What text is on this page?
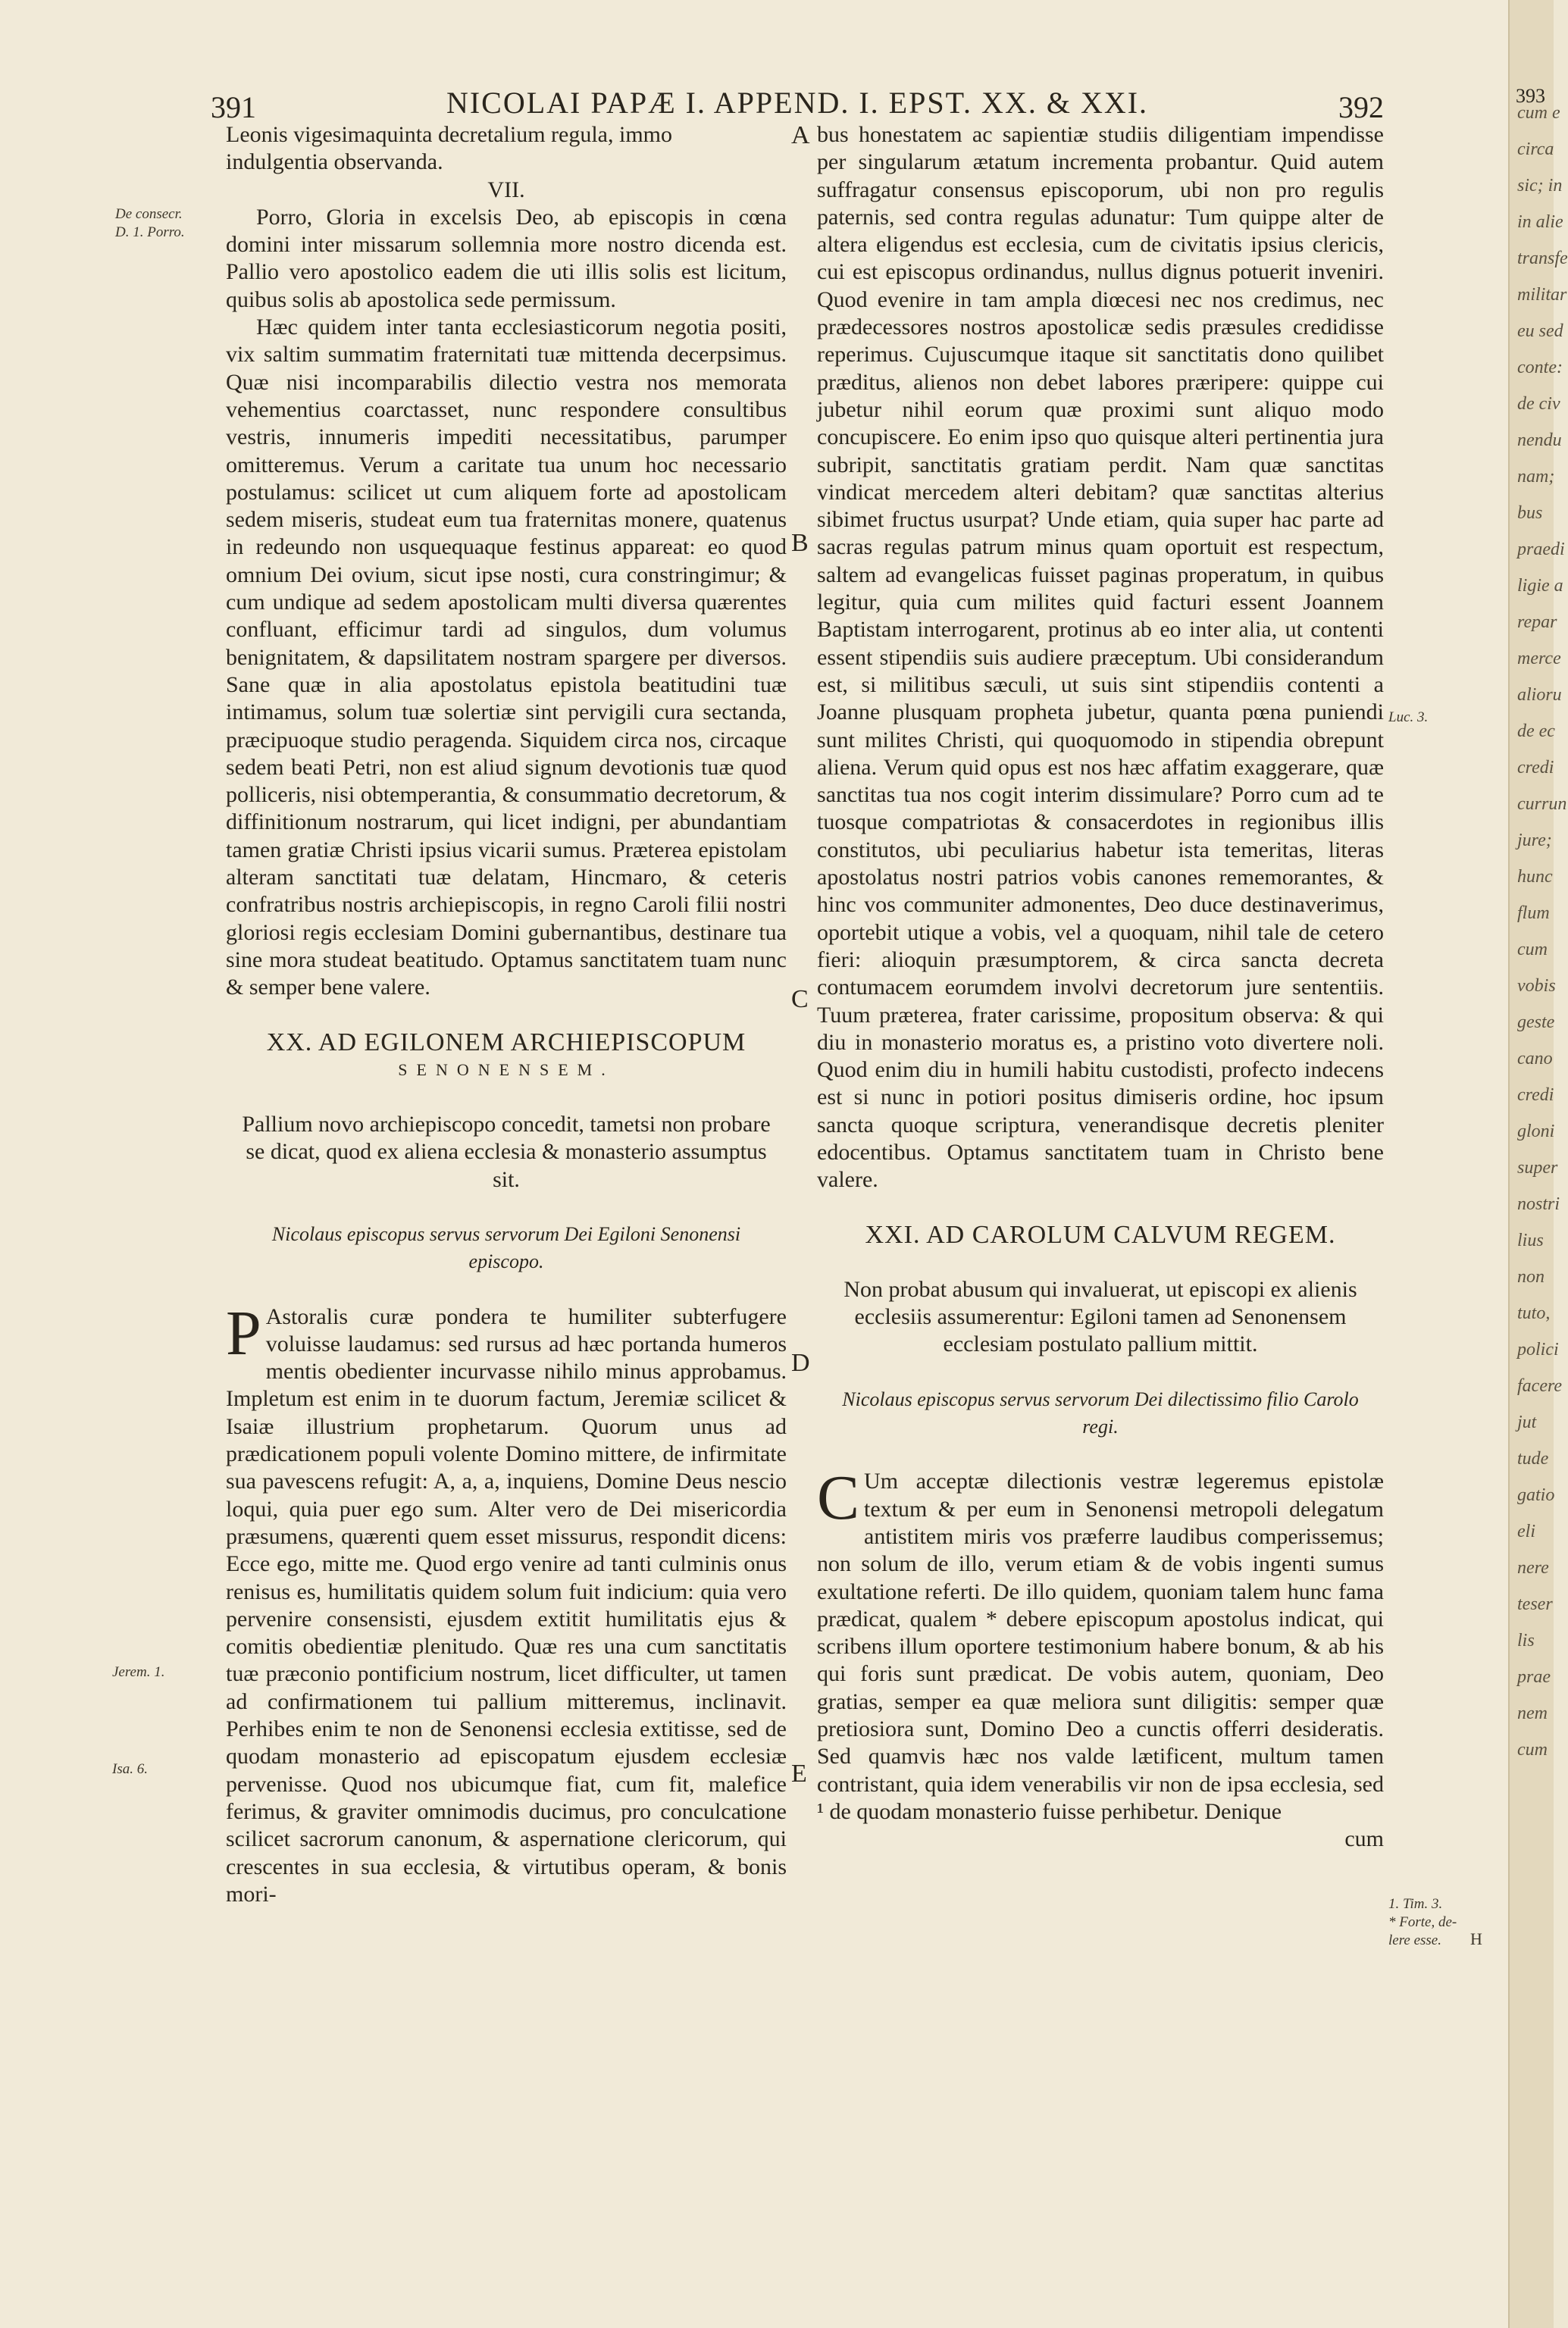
391	NICOLAI PAPÆ I. APPEND. I. EPST. XX. & XXI.	392

Leonis vigesimaquinta decretalium regula, immo

indulgentia observanda.

VII.

Porro, Gloria in excelsis Deo, ab episcopis in cœna domini inter missarum sollemnia more nostro dicenda est. Pallio vero apostolico eadem die uti illis solis est licitum, quibus solis ab apostolica sede permissum.

Hæc quidem inter tanta ecclesiasticorum negotia positi, vix saltim summatim fraternitati tuæ mittenda decerpsimus. Quæ nisi incomparabilis dilectio vestra nos memorata vehementius coarctasset, nunc respondere consultibus vestris, innumeris impediti necessitatibus, parumper omitteremus. Verum a caritate tua unum hoc necessario postulamus: scilicet ut cum aliquem forte ad apostolicam sedem miseris, studeat eum tua fraternitas monere, quatenus in redeundo non usquequaque festinus appareat: eo quod omnium Dei ovium, sicut ipse nosti, cura constringimur; & cum undique ad sedem apostolicam multi diversa quærentes confluant, efficimur tardi ad singulos, dum volumus benignitatem, & dapsilitatem nostram spargere per diversos. Sane quæ in alia apostolatus epistola beatitudini tuæ intimamus, solum tuæ solertiæ sint pervigili cura sectanda, præcipuoque studio peragenda. Siquidem circa nos, circaque sedem beati Petri, non est aliud signum devotionis tuæ quod polliceris, nisi obtemperantia, & consummatio decretorum, & diffinitionum nostrarum, qui licet indigni, per abundantiam tamen gratiæ Christi ipsius vicarii sumus. Præterea epistolam alteram sanctitati tuæ delatam, Hincmaro, & ceteris confratribus nostris archiepiscopis, in regno Caroli filii nostri gloriosi regis ecclesiam Domini gubernantibus, destinare tua sine mora studeat beatitudo. Optamus sanctitatem tuam nunc & semper bene valere.

XX. AD EGILONEM ARCHIEPISCOPUM

SENONENSEM.

Pallium novo archiepiscopo concedit, tametsi non probare se dicat, quod ex aliena ecclesia & monasterio assumptus sit.

Nicolaus episcopus servus servorum Dei Egiloni Senonensi episcopo.

P Astoralis curæ pondera te humiliter subterfugere voluisse laudamus: sed rursus ad hæc portanda humeros mentis obedienter incurvasse nihilo minus approbamus. Impletum est enim in te duorum factum, Jeremiæ scilicet & Isaiæ illustrium prophetarum. Quorum unus ad prædicationem populi volente Domino mittere, de infirmitate sua pavescens refugit: A, a, a, inquiens, Domine Deus nescio loqui, quia puer ego sum. Alter vero de Dei misericordia præsumens, quærenti quem esset missurus, respondit dicens: Ecce ego, mitte me. Quod ergo venire ad tanti culminis onus renisus es, humilitatis quidem solum fuit indicium: quia vero pervenire consensisti, ejusdem extitit humilitatis ejus & comitis obedientiæ plenitudo. Quæ res una cum sanctitatis tuæ præconio pontificium nostrum, licet difficulter, ut tamen ad confirmationem tui pallium mitteremus, inclinavit. Perhibes enim te non de Senonensi ecclesia extitisse, sed de quodam monasterio ad episcopatum ejusdem ecclesiæ pervenisse. Quod nos ubicumque fiat, cum fit, malefice ferimus, & graviter omnimodis ducimus, pro conculcatione scilicet sacrorum canonum, & aspernatione clericorum, qui crescentes in sua ecclesia, & virtutibus operam, & bonis mori-

bus honestatem ac sapientiæ studiis diligentiam impendisse per singularum ætatum incrementa probantur. Quid autem suffragatur consensus episcoporum, ubi non pro regulis paternis, sed contra regulas adunatur: Tum quippe alter de altera eligendus est ecclesia, cum de civitatis ipsius clericis, cui est episcopus ordinandus, nullus dignus potuerit inveniri. Quod evenire in tam ampla diœcesi nec nos credimus, nec prædecessores nostros apostolicæ sedis præsules credidisse reperimus. Cujuscumque itaque sit sanctitatis dono quilibet præditus, alienos non debet labores præripere: quippe cui jubetur nihil eorum quæ proximi sunt aliquo modo concupiscere. Eo enim ipso quo quisque alteri pertinentia jura subripit, sanctitatis gratiam perdit. Nam quæ sanctitas vindicat mercedem alteri debitam? quæ sanctitas alterius sibimet fructus usurpat? Unde etiam, quia super hac parte ad sacras regulas patrum minus quam oportuit est respectum, saltem ad evangelicas fuisset paginas properatum, in quibus legitur, quia cum milites quid facturi essent Joannem Baptistam interrogarent, protinus ab eo inter alia, ut contenti essent stipendiis suis audiere præceptum. Ubi considerandum est, si militibus sæculi, ut suis sint stipendiis contenti a Joanne plusquam propheta jubetur, quanta pœna puniendi sunt milites Christi, qui quoquomodo in stipendia obrepunt aliena. Verum quid opus est nos hæc affatim exaggerare, quæ sanctitas tua nos cogit interim dissimulare? Porro cum ad te tuosque compatriotas & consacerdotes in regionibus illis constitutos, ubi peculiarius habetur ista temeritas, literas apostolatus nostri patrios vobis canones rememorantes, & hinc vos communiter admonentes, Deo duce destinaverimus, oportebit utique a vobis, vel a quoquam, nihil tale de cetero fieri: alioquin præsumptorem, & circa sancta decreta contumacem eorumdem involvi decretorum jure sententiis. Tuum præterea, frater carissime, propositum observa: & qui diu in monasterio moratus es, a pristino voto divertere noli. Quod enim diu in humili habitu custodisti, profecto indecens est si nunc in potiori positus dimiseris ordine, hoc ipsum sancta quoque scriptura, venerandisque decretis pleniter edocentibus. Optamus sanctitatem tuam in Christo bene valere.

XXI. AD CAROLUM CALVUM REGEM.

Non probat abusum qui invaluerat, ut episcopi ex alienis ecclesiis assumerentur: Egiloni tamen ad Senonensem ecclesiam postulato pallium mittit.

Nicolaus episcopus servus servorum Dei dilectissimo filio Carolo regi.

C Um acceptæ dilectionis vestræ legeremus epistolæ textum & per eum in Senonensi metropoli delegatum antistitem miris vos præferre laudibus comperissemus; non solum de illo, verum etiam & de vobis ingenti sumus exultatione referti. De illo quidem, quoniam talem hunc fama prædicat, qualem * debere episcopum apostolus indicat, qui scribens illum oportere testimonium habere bonum, & ab his qui foris sunt prædicat. De vobis autem, quoniam, Deo gratias, semper ea quæ meliora sunt diligitis: semper quæ pretiosiora sunt, Domino Deo a cunctis offerri desideratis. Sed quamvis hæc nos valde lætificent, multum tamen contristant, quia idem venerabilis vir non de ipsa ecclesia, sed ¹ de quodam monasterio fuisse perhibetur. Denique

cum

A
B
C
D
E
De consecr.
D. 1. Porro.
Jerem. 1.
Isa. 6.
Luc. 3.
1. Tim. 3.
* Forte, de-
lere esse. H
393
cum e
circa
sic; in
in alie
transfe
militar
eu sed
conte:
de civ
nendu
nam;
bus
praedi
ligie a
repar
merce
alioru
de ec
credi
currun
jure;
hunc
flum
cum
vobis
geste
cano
credi
gloni
super
nostri
lius
non
tuto,
polici
facere
jut
tude
gatio
eli
nere
teser
lis
prae
nem
cum
